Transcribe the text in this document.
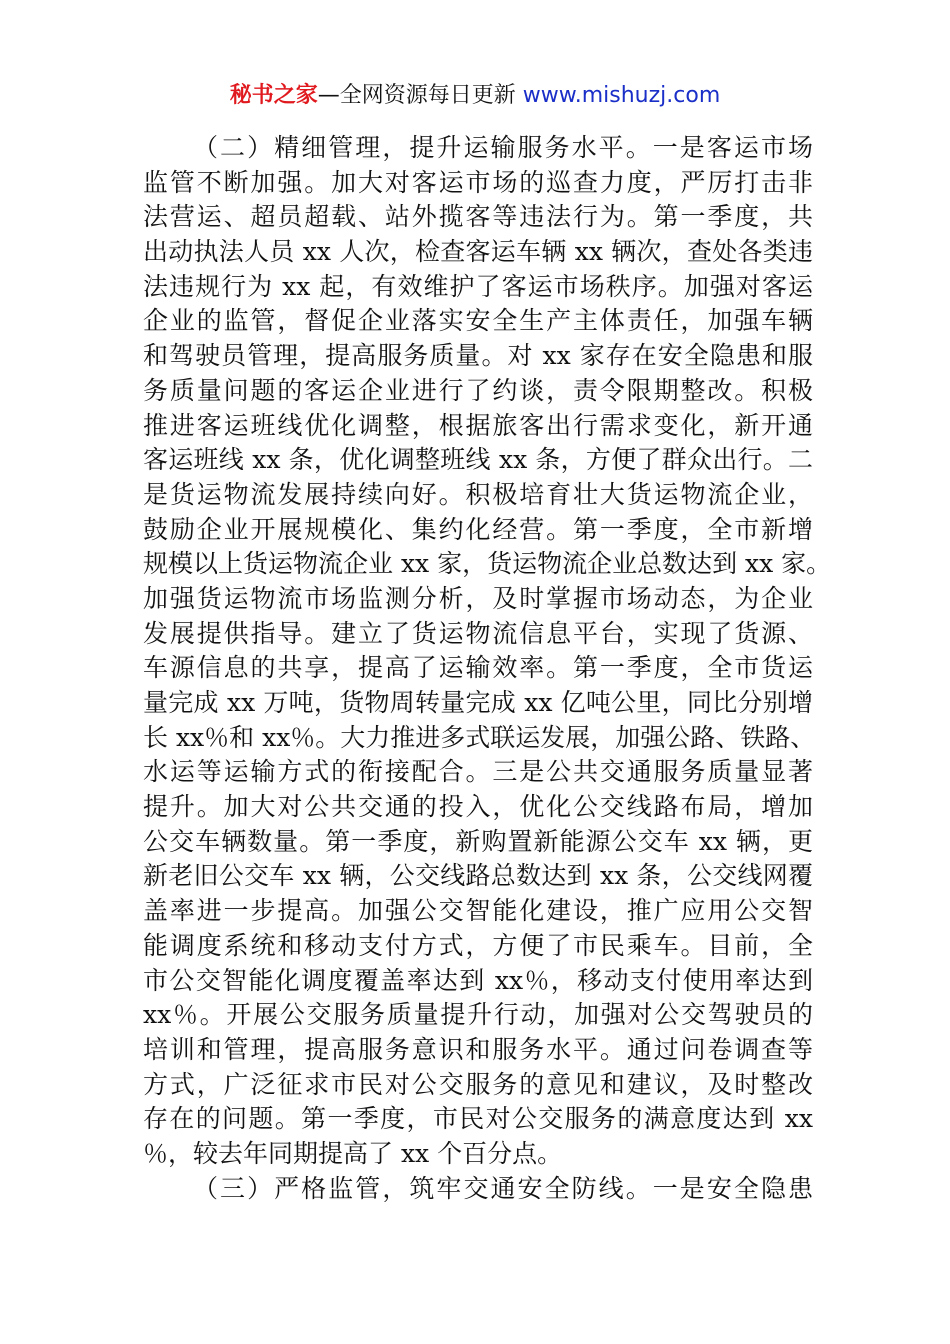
秘书之家—全网资源每日更新 www.mishuzj.com
（二）精细管理，提升运输服务水平。一是客运市场
监管不断加强。加大对客运市场的巡查力度，严厉打击非
法营运、超员超载、站外揽客等违法行为。第一季度，共
出动执法人员 xx 人次，检查客运车辆 xx 辆次，查处各类违
法违规行为 xx 起，有效维护了客运市场秩序。加强对客运
企业的监管，督促企业落实安全生产主体责任，加强车辆
和驾驶员管理，提高服务质量。对 xx 家存在安全隐患和服
务质量问题的客运企业进行了约谈，责令限期整改。积极
推进客运班线优化调整，根据旅客出行需求变化，新开通
客运班线 xx 条，优化调整班线 xx 条，方便了群众出行。二
是货运物流发展持续向好。积极培育壮大货运物流企业，
鼓励企业开展规模化、集约化经营。第一季度，全市新增
规模以上货运物流企业 xx 家，货运物流企业总数达到 xx 家。
加强货运物流市场监测分析，及时掌握市场动态，为企业
发展提供指导。建立了货运物流信息平台，实现了货源、
车源信息的共享，提高了运输效率。第一季度，全市货运
量完成 xx 万吨，货物周转量完成 xx 亿吨公里，同比分别增
长 xx％和 xx％。大力推进多式联运发展，加强公路、铁路、
水运等运输方式的衔接配合。三是公共交通服务质量显著
提升。加大对公共交通的投入，优化公交线路布局，增加
公交车辆数量。第一季度，新购置新能源公交车 xx 辆，更
新老旧公交车 xx 辆，公交线路总数达到 xx 条，公交线网覆
盖率进一步提高。加强公交智能化建设，推广应用公交智
能调度系统和移动支付方式，方便了市民乘车。目前，全
市公交智能化调度覆盖率达到 xx％，移动支付使用率达到
xx％。开展公交服务质量提升行动，加强对公交驾驶员的
培训和管理，提高服务意识和服务水平。通过问卷调查等
方式，广泛征求市民对公交服务的意见和建议，及时整改
存在的问题。第一季度，市民对公交服务的满意度达到 xx
％，较去年同期提高了 xx 个百分点。
（三）严格监管，筑牢交通安全防线。一是安全隐患
